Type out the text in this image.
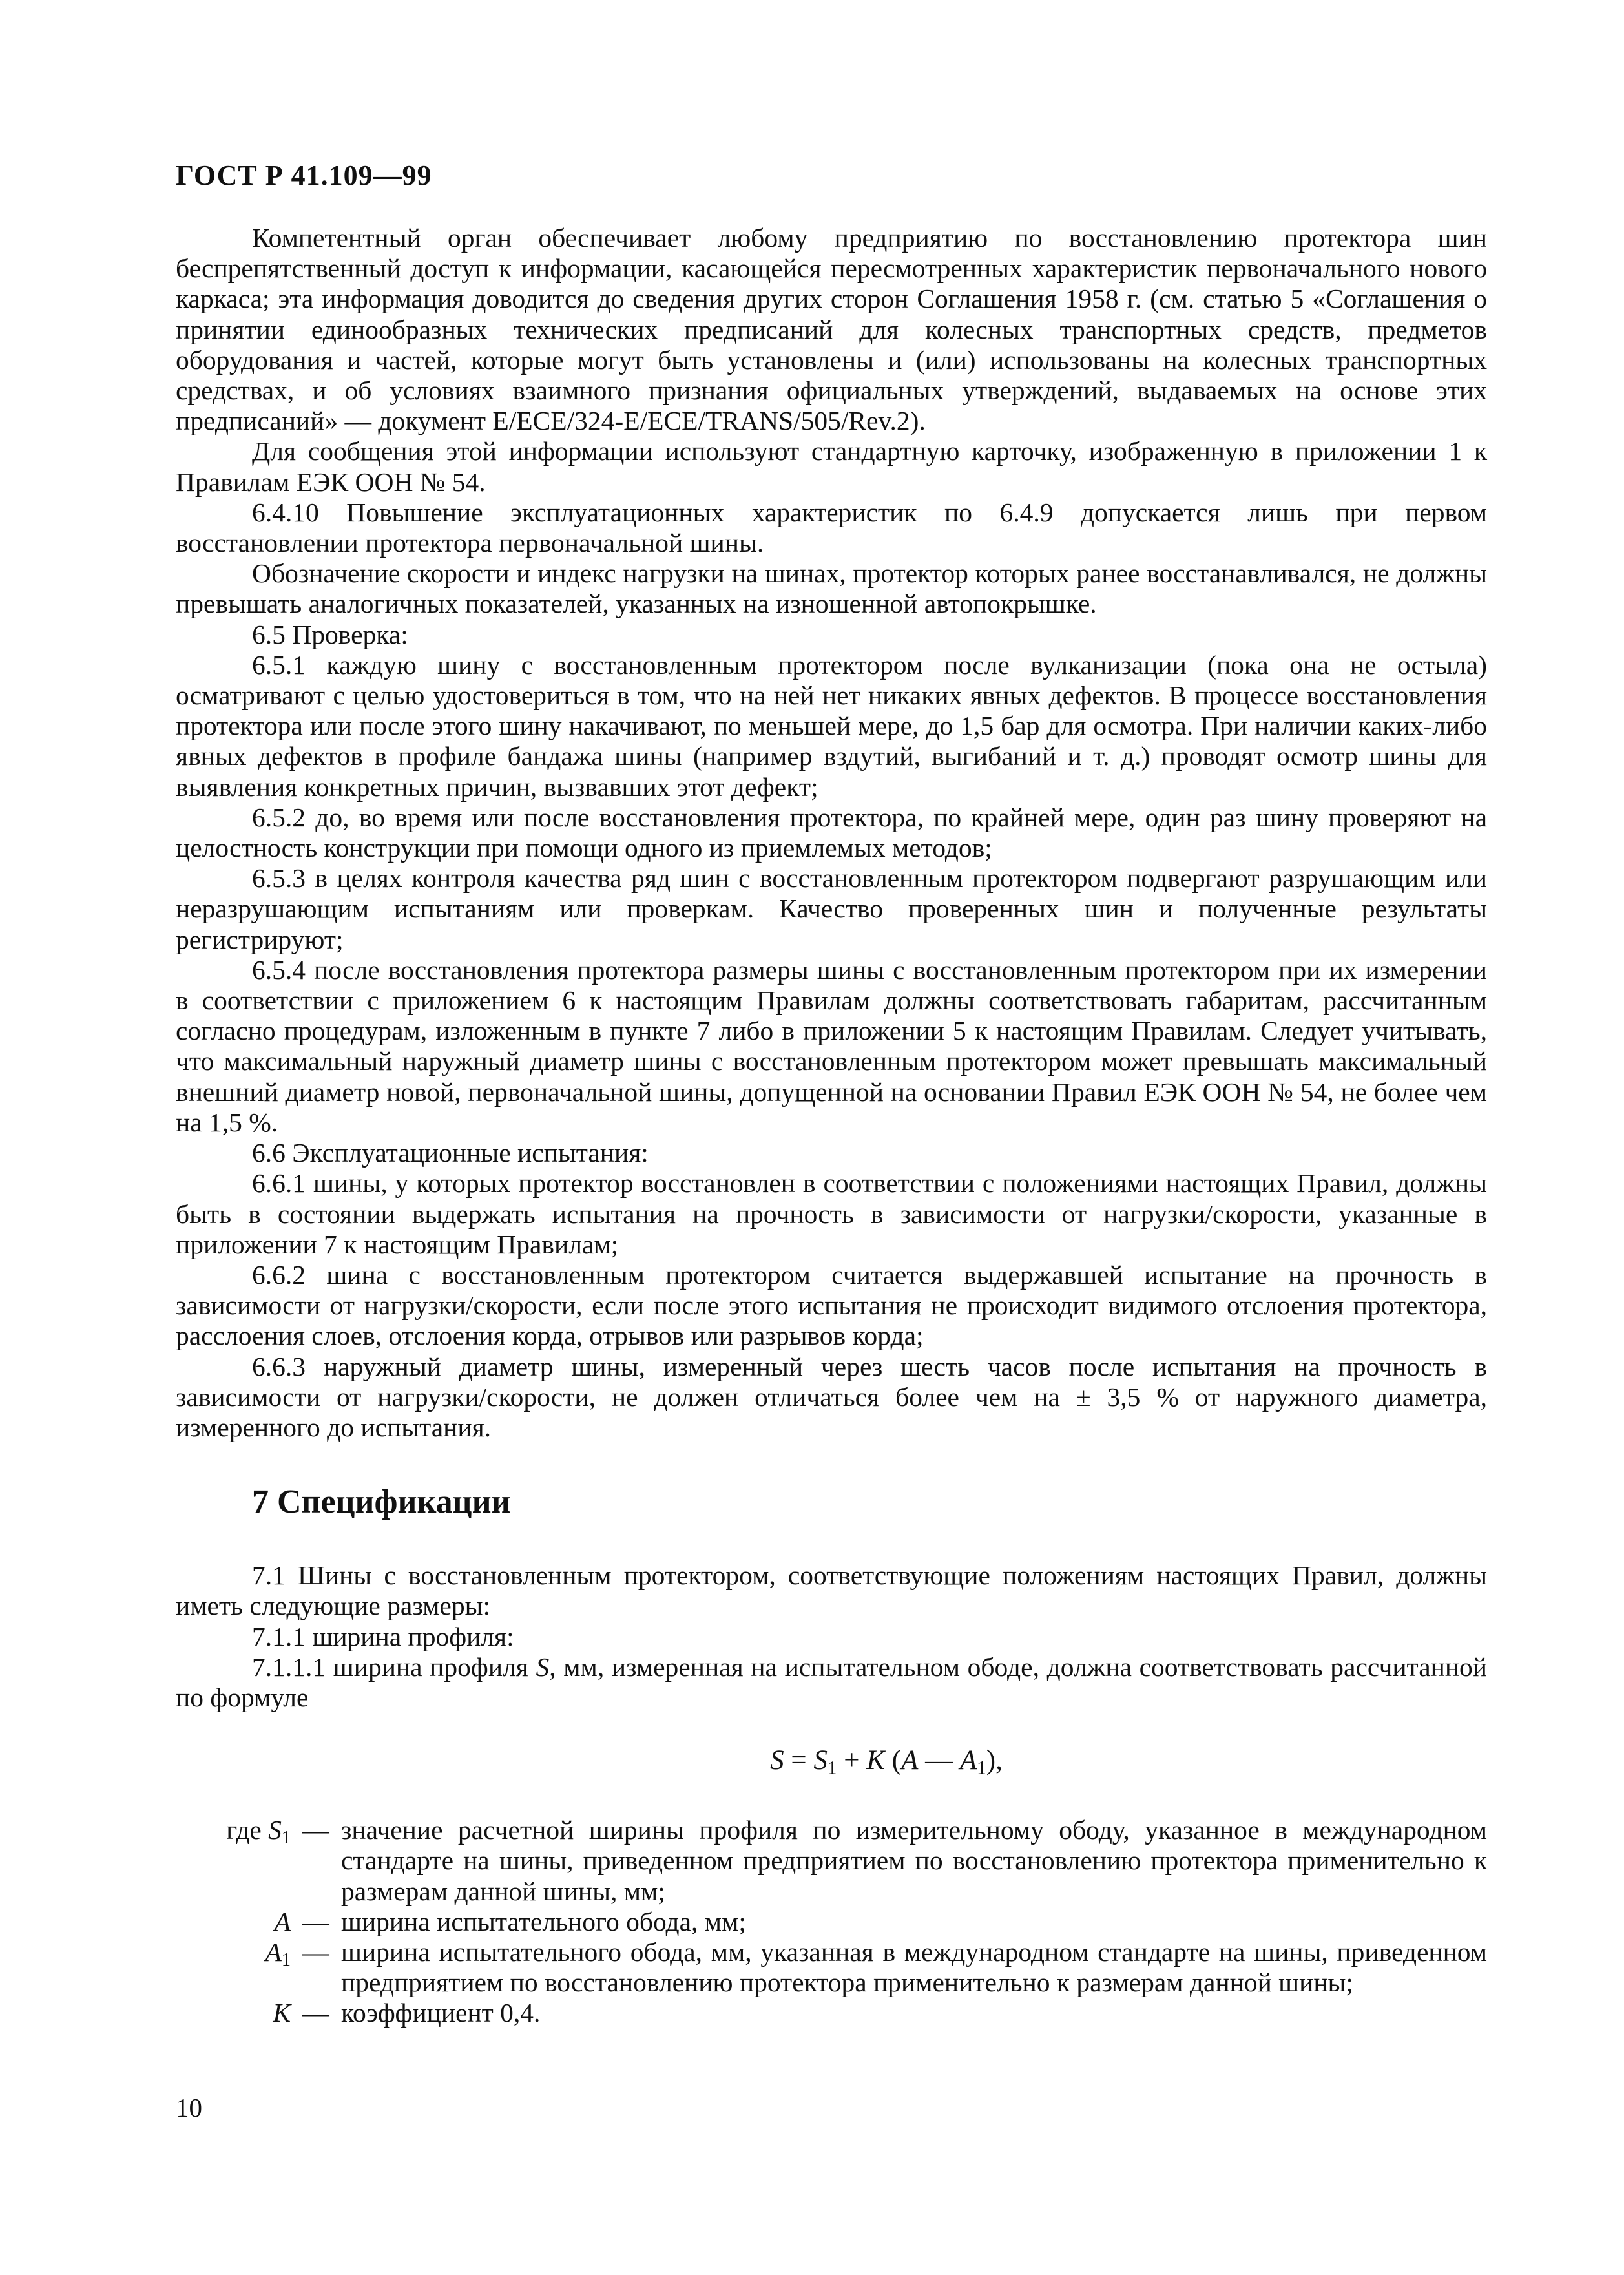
ГОСТ Р 41.109—99

Компетентный орган обеспечивает любому предприятию по восстановлению протектора шин беспрепятственный доступ к информации, касающейся пересмотренных характеристик первоначального нового каркаса; эта информация доводится до сведения других сторон Соглашения 1958 г. (см. статью 5 «Соглашения о принятии единообразных технических предписаний для колесных транспортных средств, предметов оборудования и частей, которые могут быть установлены и (или) использованы на колесных транспортных средствах, и об условиях взаимного признания официальных утверждений, выдаваемых на основе этих предписаний» — документ E/ECE/324-E/ECE/TRANS/505/Rev.2).

Для сообщения этой информации используют стандартную карточку, изображенную в приложении 1 к Правилам ЕЭК ООН № 54.

6.4.10 Повышение эксплуатационных характеристик по 6.4.9 допускается лишь при первом восстановлении протектора первоначальной шины.

Обозначение скорости и индекс нагрузки на шинах, протектор которых ранее восстанавливался, не должны превышать аналогичных показателей, указанных на изношенной автопокрышке.

6.5 Проверка:

6.5.1 каждую шину с восстановленным протектором после вулканизации (пока она не остыла) осматривают с целью удостовериться в том, что на ней нет никаких явных дефектов. В процессе восстановления протектора или после этого шину накачивают, по меньшей мере, до 1,5 бар для осмотра. При наличии каких-либо явных дефектов в профиле бандажа шины (например вздутий, выгибаний и т. д.) проводят осмотр шины для выявления конкретных причин, вызвавших этот дефект;

6.5.2 до, во время или после восстановления протектора, по крайней мере, один раз шину проверяют на целостность конструкции при помощи одного из приемлемых методов;

6.5.3 в целях контроля качества ряд шин с восстановленным протектором подвергают разрушающим или неразрушающим испытаниям или проверкам. Качество проверенных шин и полученные результаты регистрируют;

6.5.4 после восстановления протектора размеры шины с восстановленным протектором при их измерении в соответствии с приложением 6 к настоящим Правилам должны соответствовать габаритам, рассчитанным согласно процедурам, изложенным в пункте 7 либо в приложении 5 к настоящим Правилам. Следует учитывать, что максимальный наружный диаметр шины с восстановленным протектором может превышать максимальный внешний диаметр новой, первоначальной шины, допущенной на основании Правил ЕЭК ООН № 54, не более чем на 1,5 %.

6.6 Эксплуатационные испытания:

6.6.1 шины, у которых протектор восстановлен в соответствии с положениями настоящих Правил, должны быть в состоянии выдержать испытания на прочность в зависимости от нагрузки/скорости, указанные в приложении 7 к настоящим Правилам;

6.6.2 шина с восстановленным протектором считается выдержавшей испытание на прочность в зависимости от нагрузки/скорости, если после этого испытания не происходит видимого отслоения протектора, расслоения слоев, отслоения корда, отрывов или разрывов корда;

6.6.3 наружный диаметр шины, измеренный через шесть часов после испытания на прочность в зависимости от нагрузки/скорости, не должен отличаться более чем на ± 3,5 % от наружного диаметра, измеренного до испытания.

7 Спецификации

7.1 Шины с восстановленным протектором, соответствующие положениям настоящих Правил, должны иметь следующие размеры:

7.1.1 ширина профиля:

7.1.1.1 ширина профиля S, мм, измеренная на испытательном ободе, должна соответствовать рассчитанной по формуле

$S = S_1 + K$ (A — $A_1$),
где $S_1$ — значение расчетной ширины профиля по измерительному ободу, указанное в международном стандарте на шины, приведенном предприятием по восстановлению протектора применительно к размерам данной шины, мм;
A — ширина испытательного обода, мм;
$A_1$ — ширина испытательного обода, мм, указанная в международном стандарте на шины, приведенном предприятием по восстановлению протектора применительно к размерам данной шины;
K — коэффициент 0,4.
10
